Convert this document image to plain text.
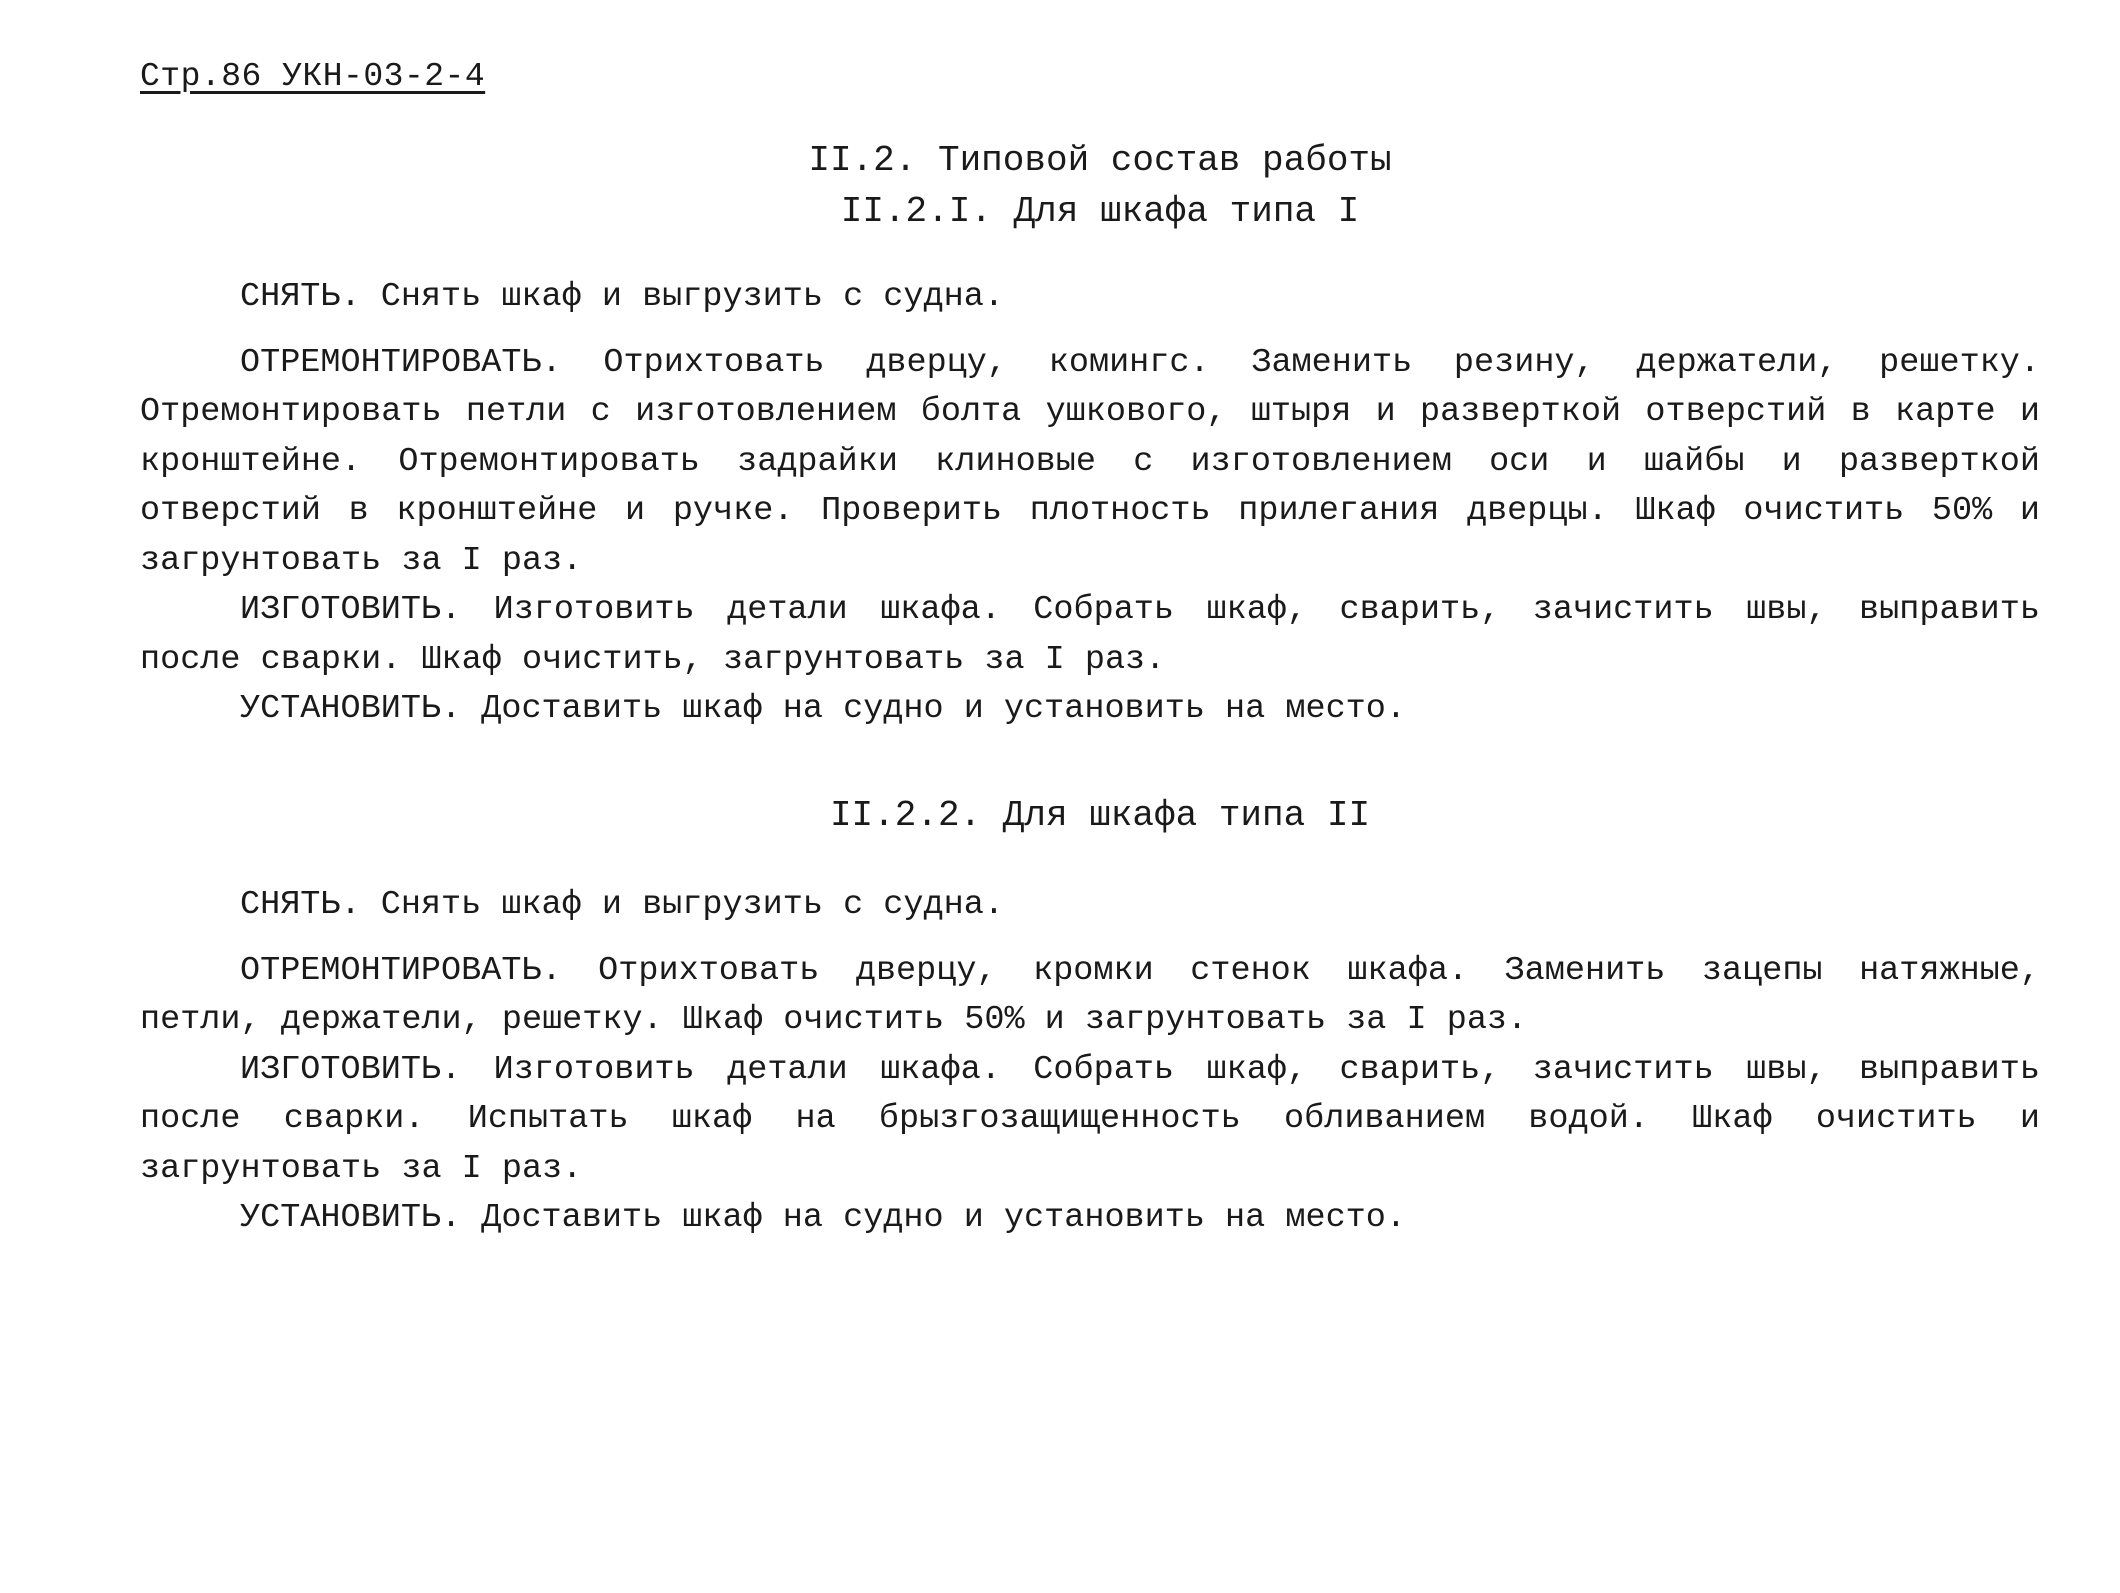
Стр.86 УКН-03-2-4
II.2. Типовой состав работы
II.2.I. Для шкафа типа I

СНЯТЬ. Снять шкаф и выгрузить с судна.

ОТРЕМОНТИРОВАТЬ. Отрихтовать дверцу, комингс. Заменить резину, держатели, решетку. Отремонтировать петли с изготовлением болта ушкового, штыря и разверткой отверстий в карте и кронштейне. Отремонтировать задрайки клиновые с изготовлением оси и шайбы и разверткой отверстий в кронштейне и ручке. Проверить плотность прилегания дверцы. Шкаф очистить 50% и загрунтовать за I раз.

ИЗГОТОВИТЬ. Изготовить детали шкафа. Собрать шкаф, сварить, зачистить швы, выправить после сварки. Шкаф очистить, загрунтовать за I раз.

УСТАНОВИТЬ. Доставить шкаф на судно и установить на место.

II.2.2. Для шкафа типа II

СНЯТЬ. Снять шкаф и выгрузить с судна.

ОТРЕМОНТИРОВАТЬ. Отрихтовать дверцу, кромки стенок шкафа. Заменить зацепы натяжные, петли, держатели, решетку. Шкаф очистить 50% и загрунтовать за I раз.

ИЗГОТОВИТЬ. Изготовить детали шкафа. Собрать шкаф, сварить, зачистить швы, выправить после сварки. Испытать шкаф на брызгозащищенность обливанием водой. Шкаф очистить и загрунтовать за I раз.

УСТАНОВИТЬ. Доставить шкаф на судно и установить на место.
